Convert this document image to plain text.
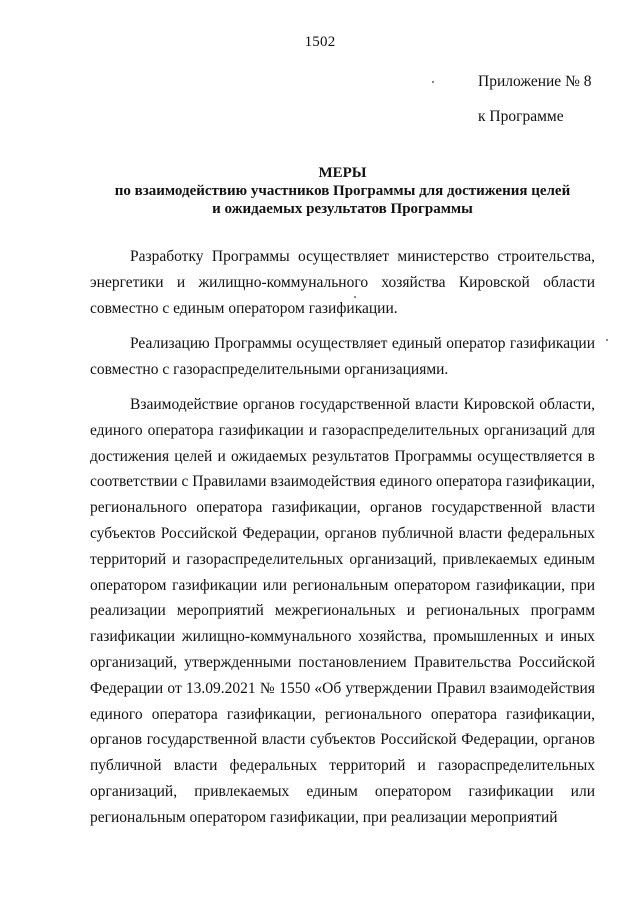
1502
Приложение № 8
к Программе
МЕРЫ
по взаимодействию участников Программы для достижения целей
и ожидаемых результатов Программы

Разработку Программы осуществляет министерство строительства, энергетики и жилищно-коммунального хозяйства Кировской области совместно с единым оператором газификации.

Реализацию Программы осуществляет единый оператор газификации совместно с газораспределительными организациями.

Взаимодействие органов государственной власти Кировской области, единого оператора газификации и газораспределительных организаций для достижения целей и ожидаемых результатов Программы осуществляется в соответствии с Правилами взаимодействия единого оператора газификации, регионального оператора газификации, органов государственной власти субъектов Российской Федерации, органов публичной власти федеральных территорий и газораспределительных организаций, привлекаемых единым оператором газификации или региональным оператором газификации, при реализации мероприятий межрегиональных и региональных программ газификации жилищно-коммунального хозяйства, промышленных и иных организаций, утвержденными постановлением Правительства Российской Федерации от 13.09.2021 № 1550 «Об утверждении Правил взаимодействия единого оператора газификации, регионального оператора газификации, органов государственной власти субъектов Российской Федерации, органов публичной власти федеральных территорий и газораспределительных организаций, привлекаемых единым оператором газификации или региональным оператором газификации, при реализации мероприятий
